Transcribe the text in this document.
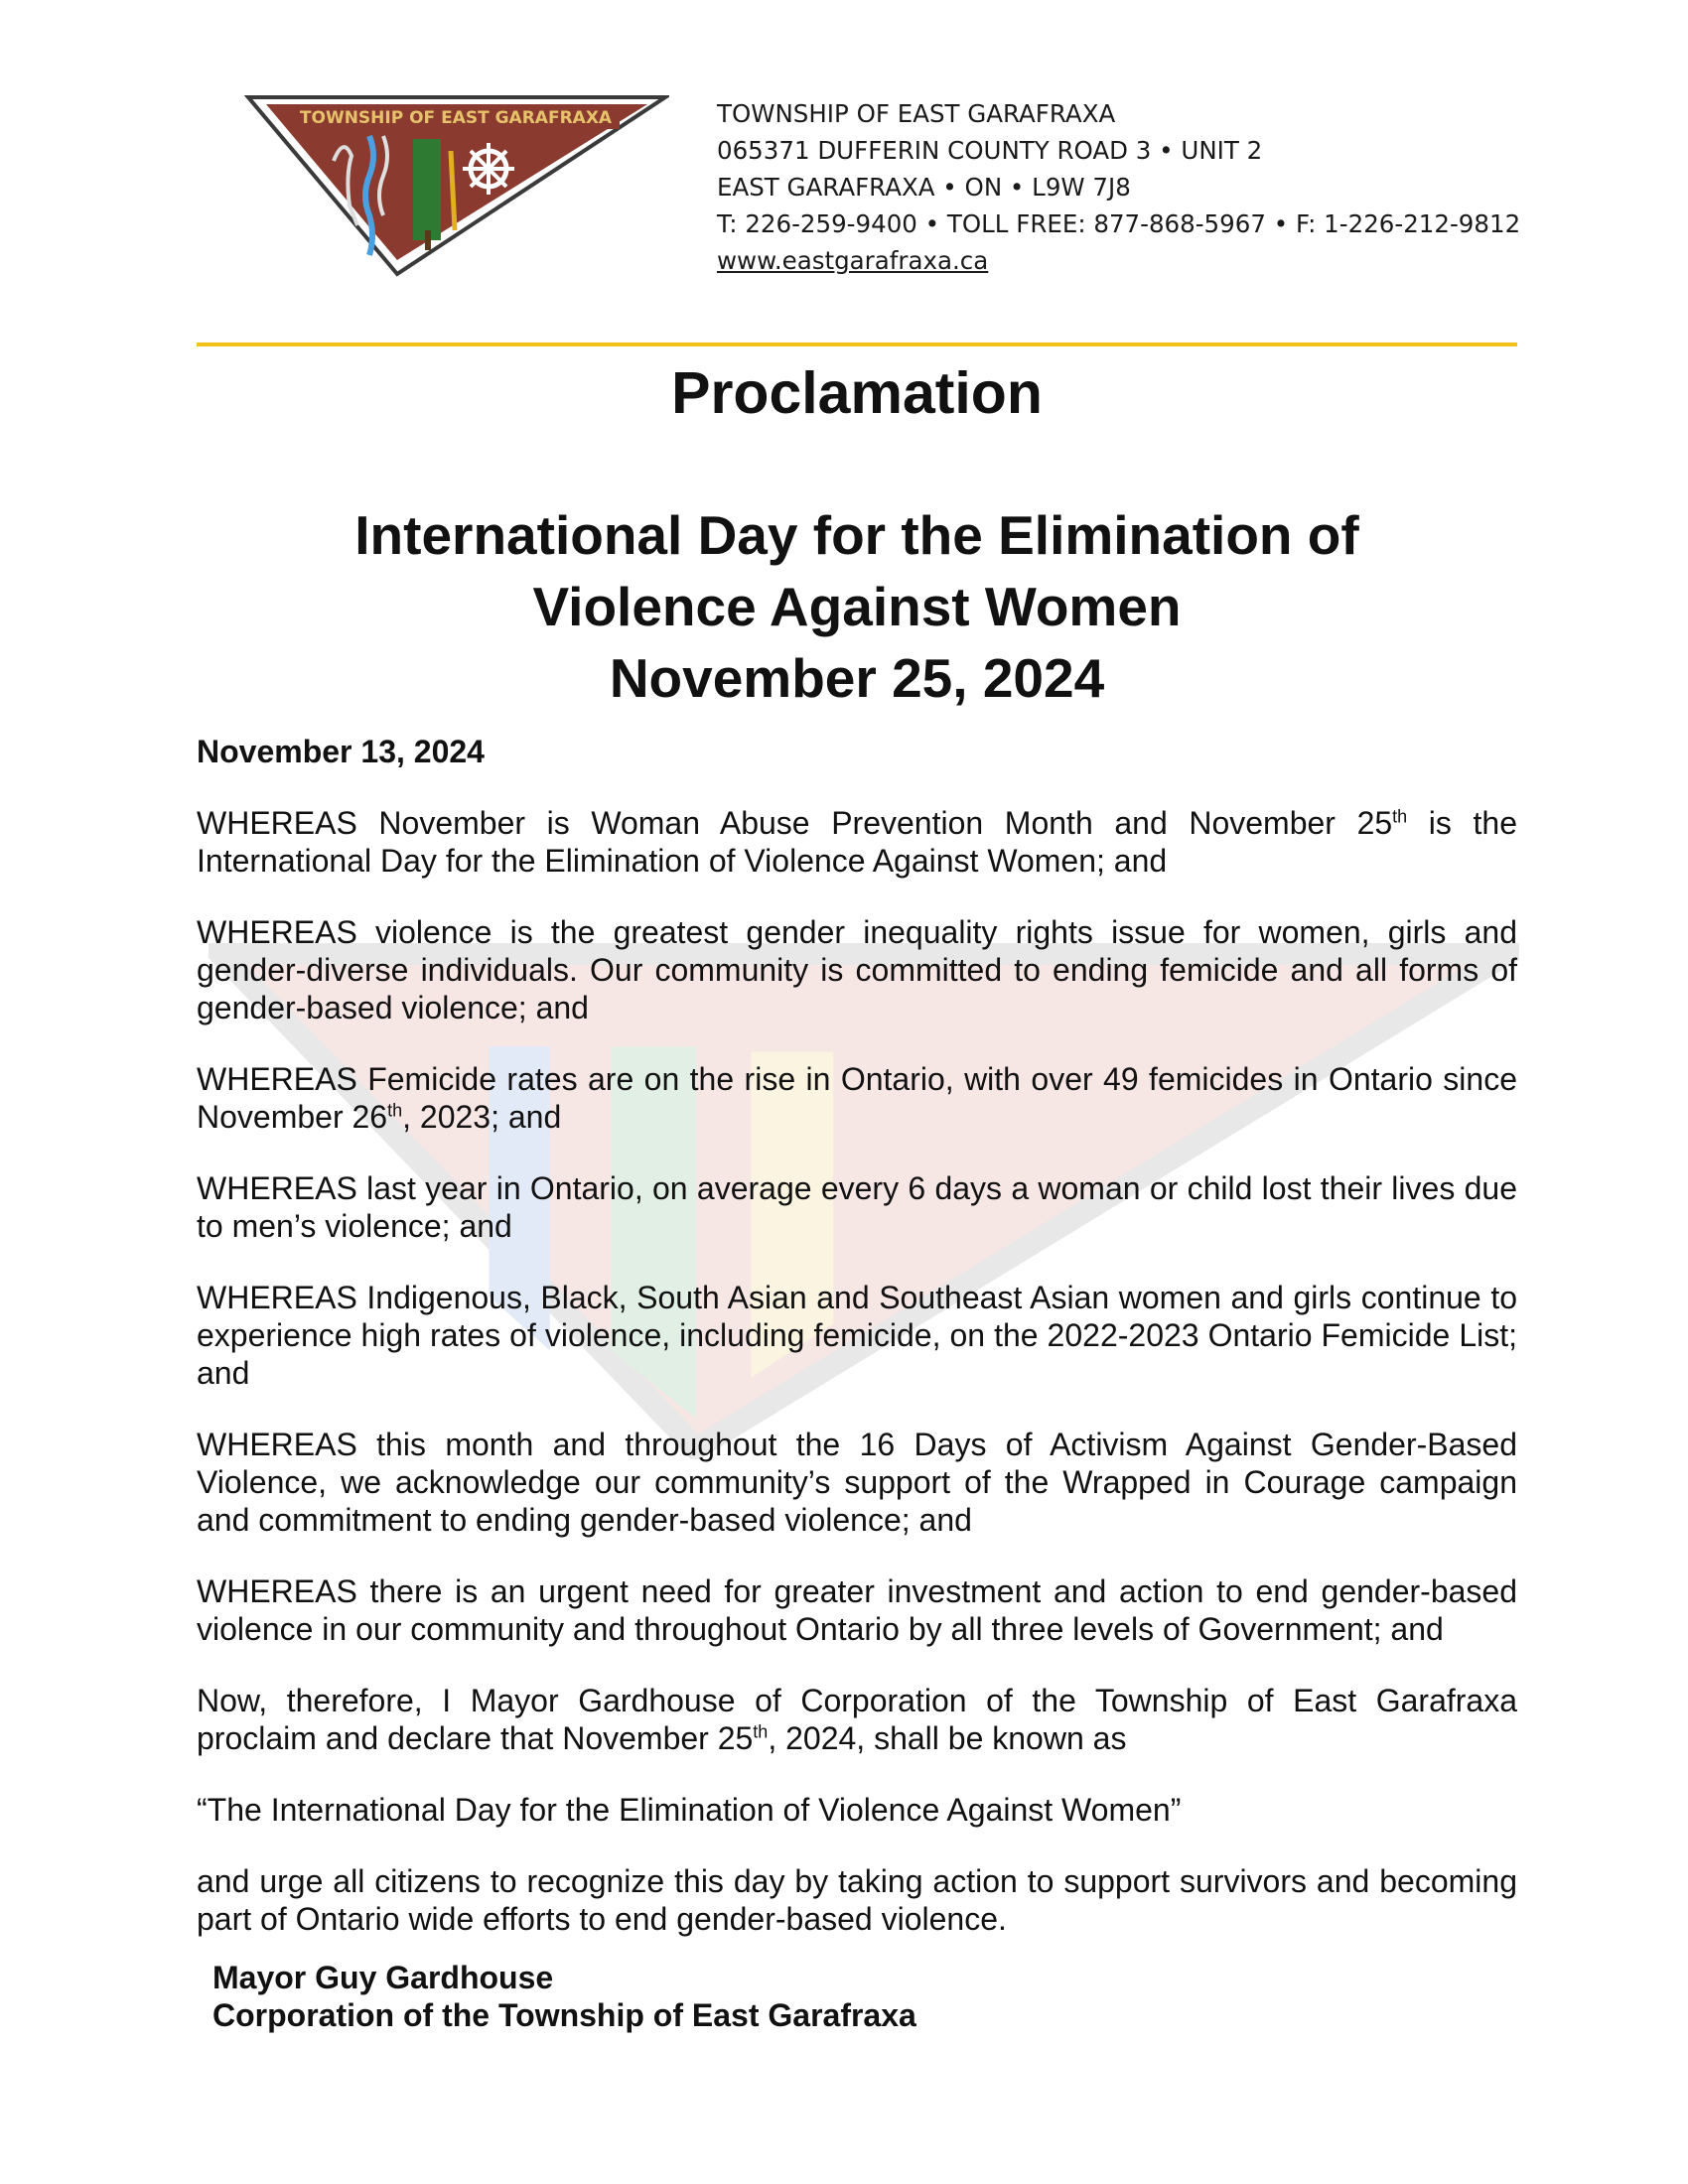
TOWNSHIP OF EAST GARAFRAXA	TOWNSHIP OF EAST GARAFRAXA
065371 DUFFERIN COUNTY ROAD 3 • UNIT 2
EAST GARAFRAXA • ON • L9W 7J8
T: 226-259-9400 • TOLL FREE: 877-868-5967 • F: 1-226-212-9812
www.eastgarafraxa.ca
Proclamation
International Day for the Elimination of
Violence Against Women
November 25, 2024

November 13, 2024

WHEREAS November is Woman Abuse Prevention Month and November 25th is the International Day for the Elimination of Violence Against Women; and

WHEREAS violence is the greatest gender inequality rights issue for women, girls and gender-diverse individuals. Our community is committed to ending femicide and all forms of gender-based violence; and

WHEREAS Femicide rates are on the rise in Ontario, with over 49 femicides in Ontario since November 26th, 2023; and

WHEREAS last year in Ontario, on average every 6 days a woman or child lost their lives due to men’s violence; and

WHEREAS Indigenous, Black, South Asian and Southeast Asian women and girls continue to experience high rates of violence, including femicide, on the 2022-2023 Ontario Femicide List; and

WHEREAS this month and throughout the 16 Days of Activism Against Gender-Based Violence, we acknowledge our community’s support of the Wrapped in Courage campaign and commitment to ending gender-based violence; and

WHEREAS there is an urgent need for greater investment and action to end gender-based violence in our community and throughout Ontario by all three levels of Government; and

Now, therefore, I Mayor Gardhouse of Corporation of the Township of East Garafraxa proclaim and declare that November 25th, 2024, shall be known as

“The International Day for the Elimination of Violence Against Women”

and urge all citizens to recognize this day by taking action to support survivors and becoming part of Ontario wide efforts to end gender-based violence.

Mayor Guy Gardhouse
Corporation of the Township of East Garafraxa
